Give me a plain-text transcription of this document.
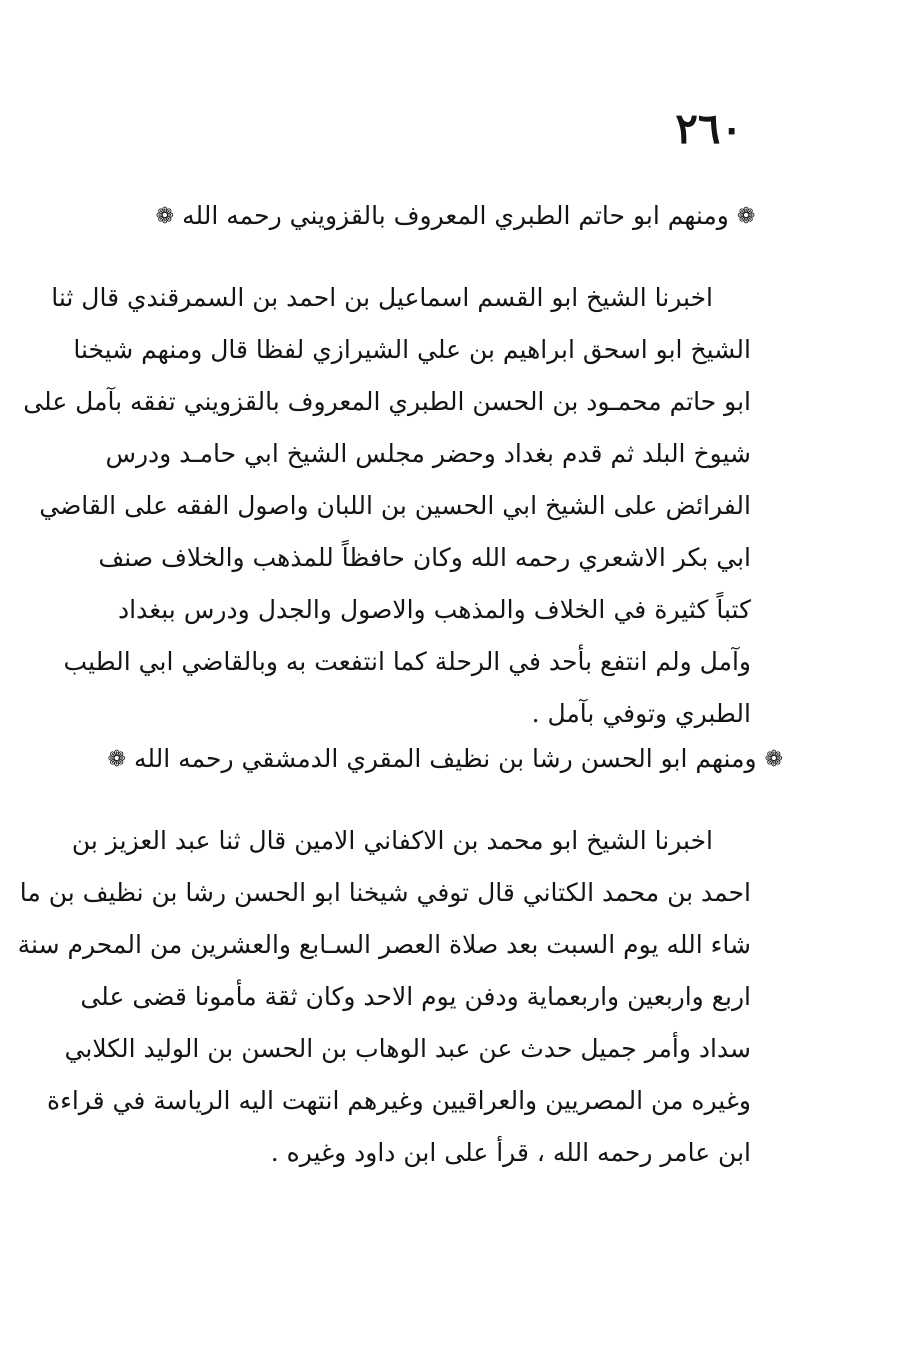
٢٦٠
❁ومنهم ابو حاتم الطبري المعروف بالقزويني رحمه الله❁
اخبرنا الشيخ ابو القسم اسماعيل بن احمد بن السمرقندي قال ثنا
الشيخ ابو اسحق ابراهيم بن علي الشيرازي لفظا قال ومنهم شيخنا
ابو حاتم محمـود بن الحسن الطبري المعروف بالقزويني تفقه بآمل على
شيوخ البلد ثم قدم بغداد وحضر مجلس الشيخ ابي حامـد ودرس
الفرائض على الشيخ ابي الحسين بن اللبان واصول الفقه على القاضي
ابي بكر الاشعري رحمه الله وكان حافظاً للمذهب والخلاف صنف
كتباً كثيرة في الخلاف والمذهب والاصول والجدل ودرس ببغداد
وآمل ولم انتفع بأحد في الرحلة كما انتفعت به وبالقاضي ابي الطيب
الطبري وتوفي بآمل .
❁ومنهم ابو الحسن رشا بن نظيف المقري الدمشقي رحمه الله❁
اخبرنا الشيخ ابو محمد بن الاكفاني الامين قال ثنا عبد العزيز بن
احمد بن محمد الكتاني قال توفي شيخنا ابو الحسن رشا بن نظيف بن ما
شاء الله يوم السبت بعد صلاة العصر السـابع والعشرين من المحرم سنة
اربع واربعين واربعماية ودفن يوم الاحد وكان ثقة مأمونا قضى على
سداد وأمر جميل حدث عن عبد الوهاب بن الحسن بن الوليد الكلابي
وغيره من المصريين والعراقيين وغيرهم انتهت اليه الرياسة في قراءة
ابن عامر رحمه الله ، قرأ على ابن داود وغيره .
